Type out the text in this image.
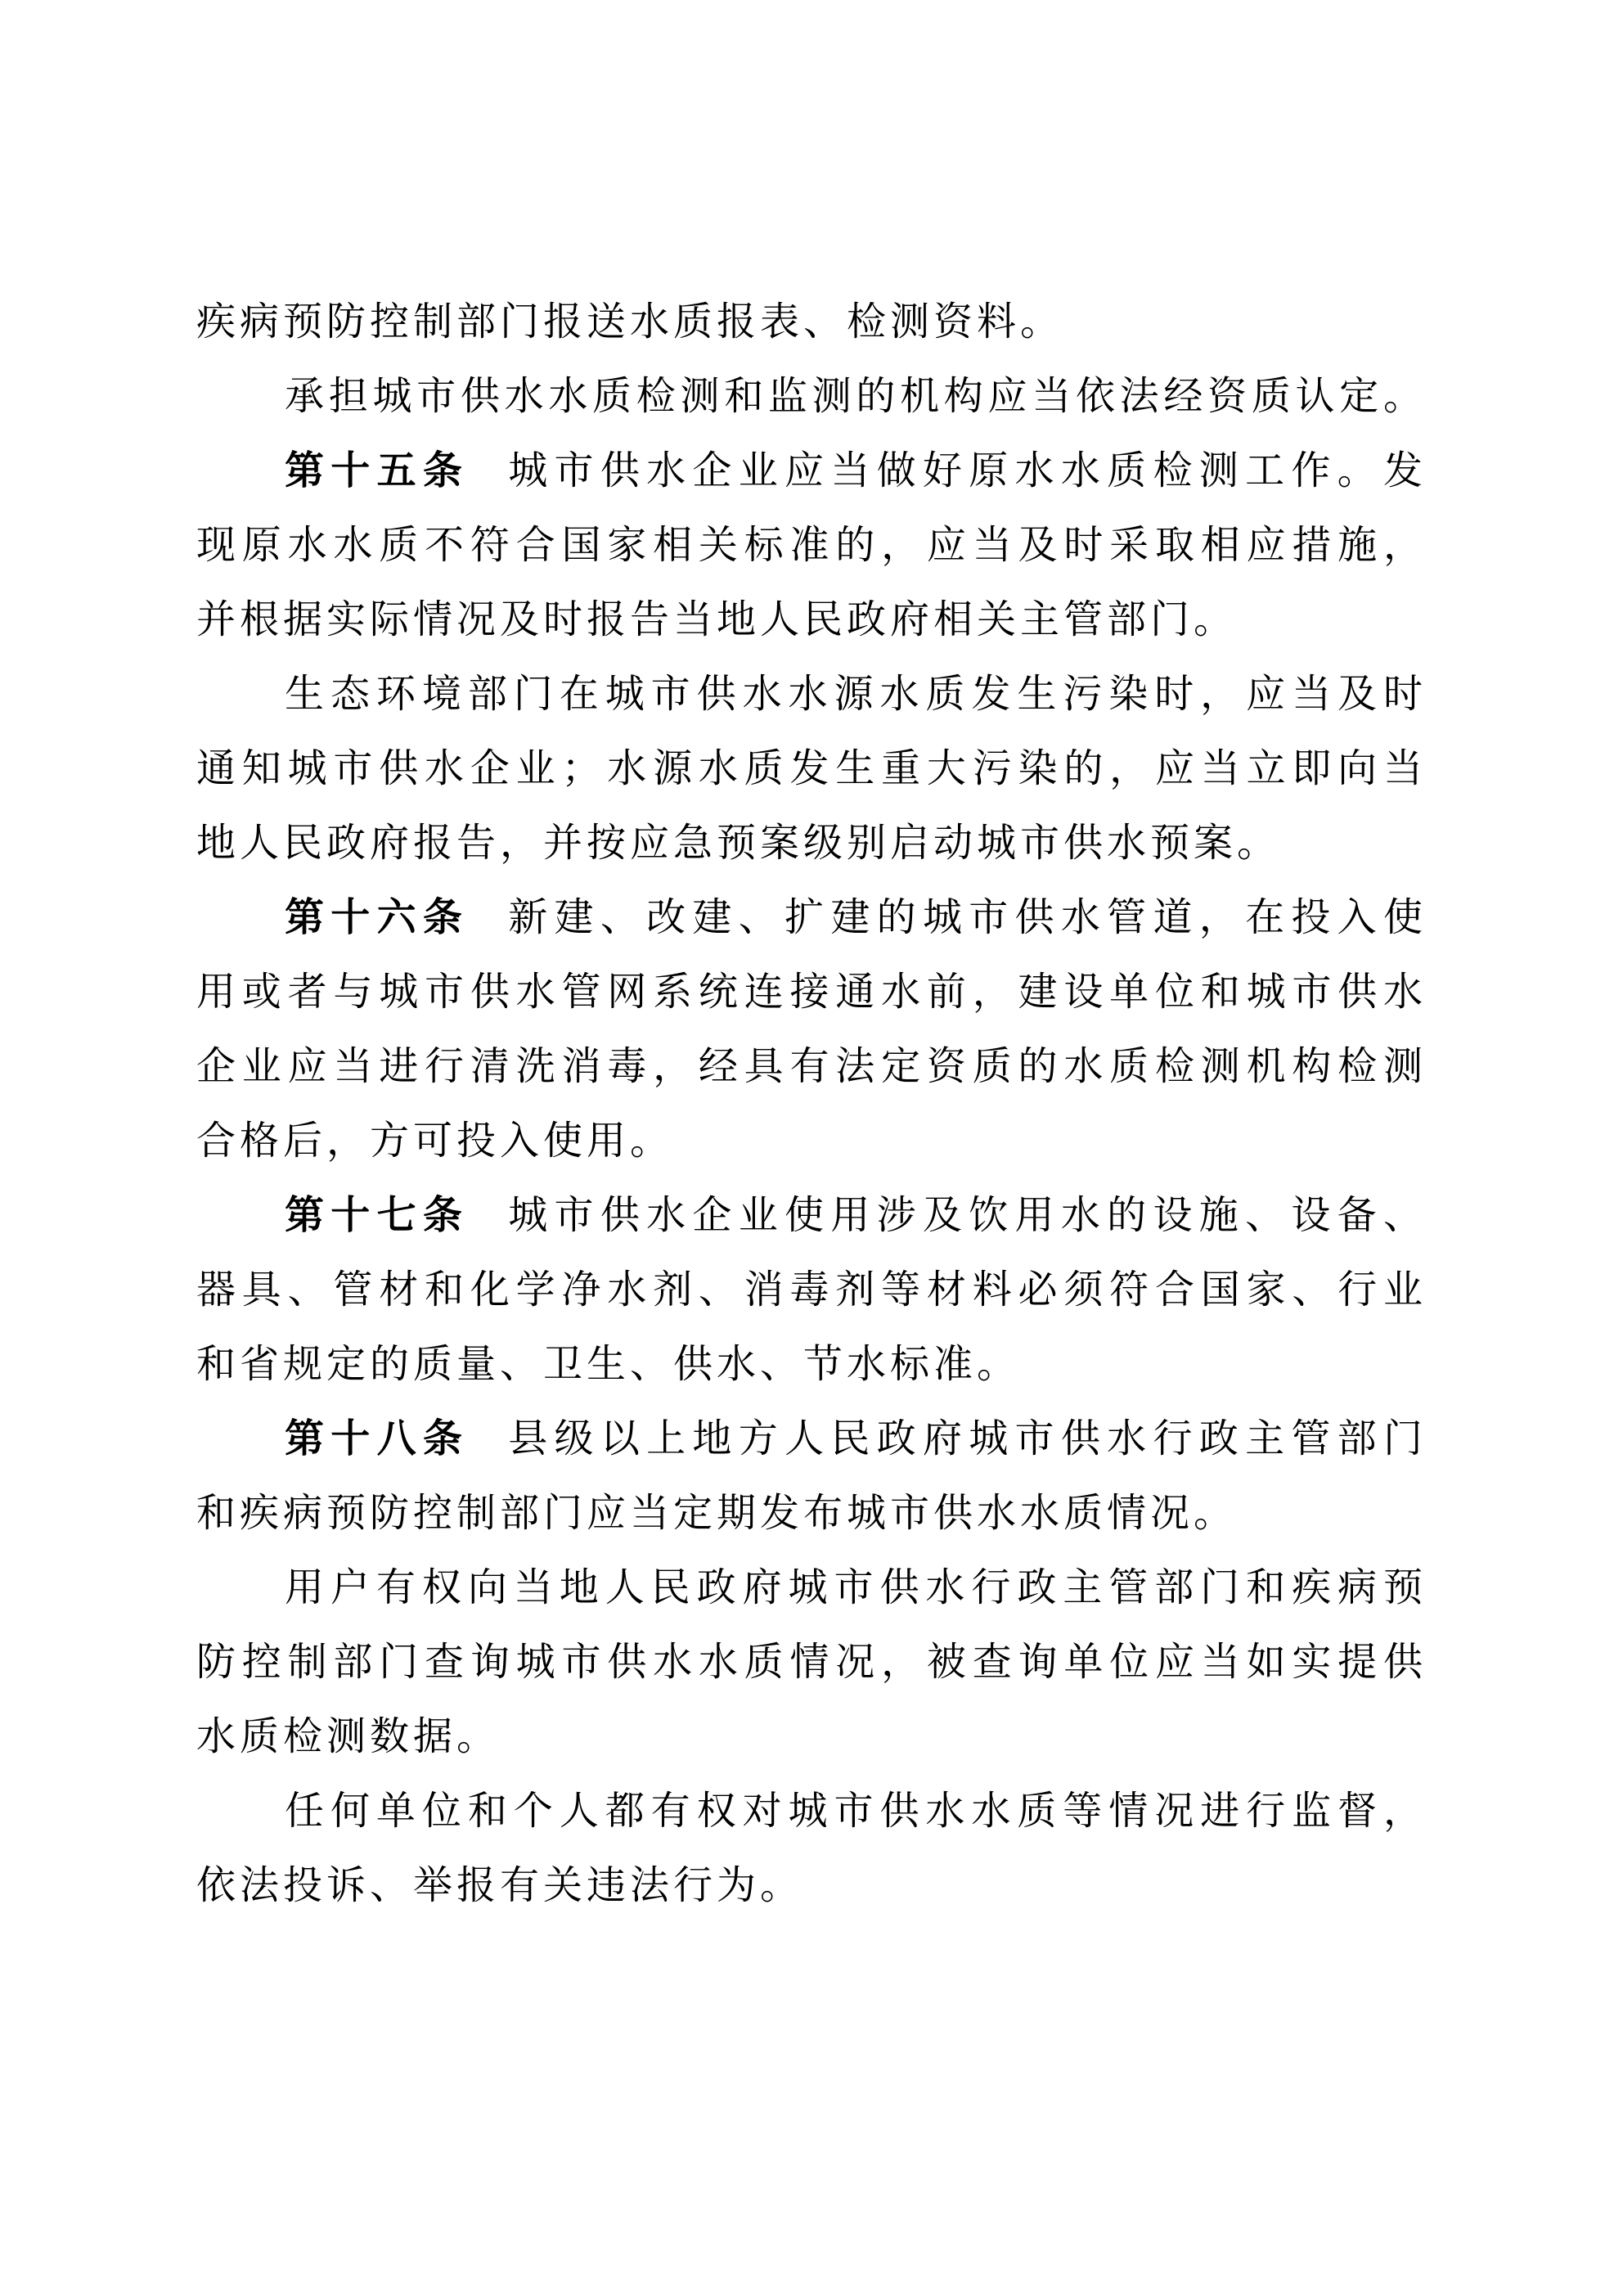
疾病预防控制部门报送水质报表、检测资料。
承担城市供水水质检测和监测的机构应当依法经资质认定。
第十五条 城市供水企业应当做好原水水质检测工作。发
现原水水质不符合国家相关标准的，应当及时采取相应措施，
并根据实际情况及时报告当地人民政府相关主管部门。
生态环境部门在城市供水水源水质发生污染时，应当及时
通知城市供水企业；水源水质发生重大污染的，应当立即向当
地人民政府报告，并按应急预案级别启动城市供水预案。
第十六条 新建、改建、扩建的城市供水管道，在投入使
用或者与城市供水管网系统连接通水前，建设单位和城市供水
企业应当进行清洗消毒，经具有法定资质的水质检测机构检测
合格后，方可投入使用。
第十七条 城市供水企业使用涉及饮用水的设施、设备、
器具、管材和化学净水剂、消毒剂等材料必须符合国家、行业
和省规定的质量、卫生、供水、节水标准。
第十八条 县级以上地方人民政府城市供水行政主管部门
和疾病预防控制部门应当定期发布城市供水水质情况。
用户有权向当地人民政府城市供水行政主管部门和疾病预
防控制部门查询城市供水水质情况，被查询单位应当如实提供
水质检测数据。
任何单位和个人都有权对城市供水水质等情况进行监督，
依法投诉、举报有关违法行为。
